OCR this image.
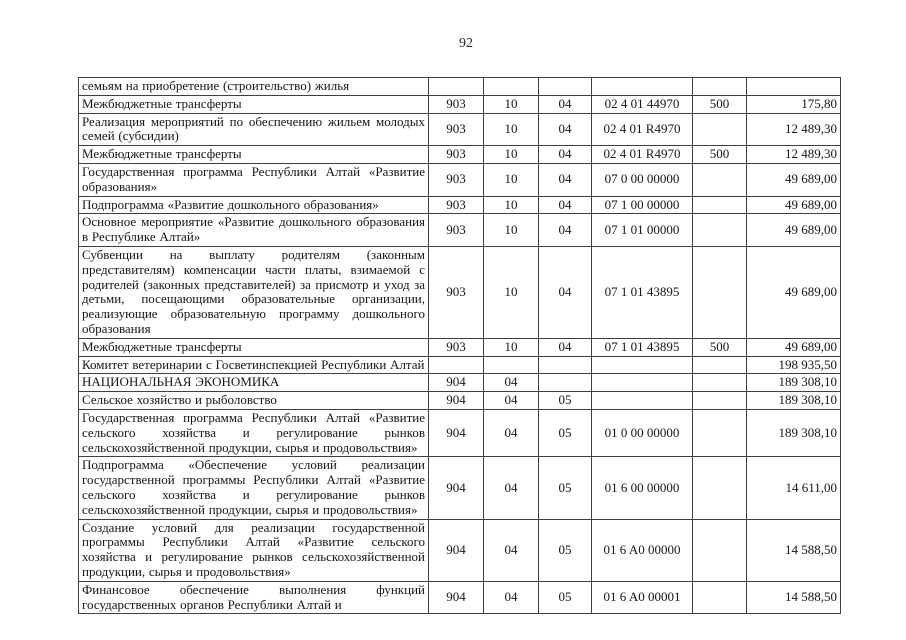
92
семьям на приобретение (строительство) жилья						
Межбюджетные трансферты	903	10	04	02 4 01 44970	500	175,80
Реализация мероприятий по обеспечению жильем молодых семей (субсидии)	903	10	04	02 4 01 R4970		12 489,30
Межбюджетные трансферты	903	10	04	02 4 01 R4970	500	12 489,30
Государственная программа Республики Алтай «Развитие образования»	903	10	04	07 0 00 00000		49 689,00
Подпрограмма «Развитие дошкольного образования»	903	10	04	07 1 00 00000		49 689,00
Основное мероприятие «Развитие дошкольного образования в Республике Алтай»	903	10	04	07 1 01 00000		49 689,00
Субвенции на выплату родителям (законным представителям) компенсации части платы, взимаемой с родителей (законных представителей) за присмотр и уход за детьми, посещающими образовательные организации, реализующие образовательную программу дошкольного образования	903	10	04	07 1 01 43895		49 689,00
Межбюджетные трансферты	903	10	04	07 1 01 43895	500	49 689,00
Комитет ветеринарии с Госветинспекцией Республики Алтай						198 935,50
НАЦИОНАЛЬНАЯ ЭКОНОМИКА	904	04				189 308,10
Сельское хозяйство и рыболовство	904	04	05			189 308,10
Государственная программа Республики Алтай «Развитие сельского хозяйства и регулирование рынков сельскохозяйственной продукции, сырья и продовольствия»	904	04	05	01 0 00 00000		189 308,10
Подпрограмма «Обеспечение условий реализации государственной программы Республики Алтай «Развитие сельского хозяйства и регулирование рынков сельскохозяйственной продукции, сырья и продовольствия»	904	04	05	01 6 00 00000		14 611,00
Создание условий для реализации государственной программы Республики Алтай «Развитие сельского хозяйства и регулирование рынков сельскохозяйственной продукции, сырья и продовольствия»	904	04	05	01 6 A0 00000		14 588,50
Финансовое обеспечение выполнения функций государственных органов Республики Алтай и	904	04	05	01 6 A0 00001		14 588,50
